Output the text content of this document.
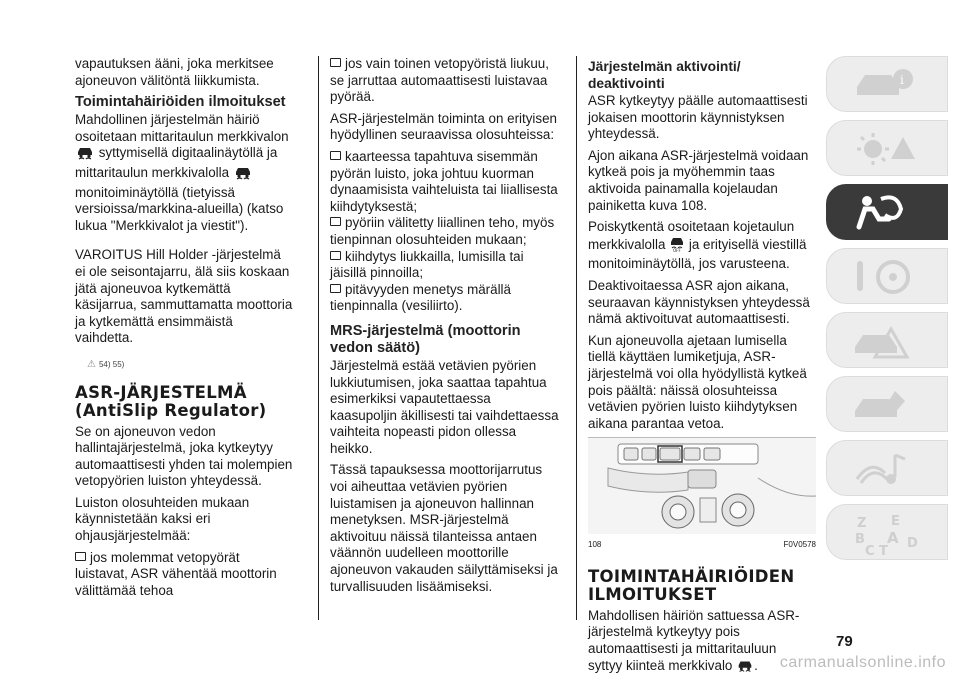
vapautuksen ääni, joka merkitsee ajoneuvon välitöntä liikkumista.

Toimintahäiriöiden ilmoitukset

Mahdollinen järjestelmän häiriö osoitetaan mittaritaulun merkkivalon  syttymisellä digitaalinäytöllä ja mittaritaulun merkkivalolla  monitoiminäytöllä (tietyissä versioissa/markkina-alueilla) (katso lukua "Merkkivalot ja viestit").

VAROITUS Hill Holder -järjestelmä ei ole seisontajarru, älä siis koskaan jätä ajoneuvoa kytkemättä käsijarrua, sammuttamatta moottoria ja kytkemättä ensimmäistä vaihdetta.

⚠ 54) 55)
ASR-JÄRJESTELMÄ
(AntiSlip Regulator)

Se on ajoneuvon vedon hallintajärjestelmä, joka kytkeytyy automaattisesti yhden tai molempien vetopyörien luiston yhteydessä.

Luiston olosuhteiden mukaan käynnistetään kaksi eri ohjausjärjestelmää:

jos molemmat vetopyörät luistavat, ASR vähentää moottorin välittämää tehoa

jos vain toinen vetopyöristä liukuu, se jarruttaa automaattisesti luistavaa pyörää.

ASR-järjestelmän toiminta on erityisen hyödyllinen seuraavissa olosuhteissa:

kaarteessa tapahtuva sisemmän pyörän luisto, joka johtuu kuorman dynaamisista vaihteluista tai liiallisesta kiihdytyksestä;

pyöriin välitetty liiallinen teho, myös tienpinnan olosuhteiden mukaan;

kiihdytys liukkailla, lumisilla tai jäisillä pinnoilla;

pitävyyden menetys märällä tienpinnalla (vesiliirto).

MRS-järjestelmä (moottorin vedon säätö)

Järjestelmä estää vetävien pyörien lukkiutumisen, joka saattaa tapahtua esimerkiksi vapautettaessa kaasupoljin äkillisesti tai vaihdettaessa vaihteita nopeasti pidon ollessa heikko.

Tässä tapauksessa moottorijarrutus voi aiheuttaa vetävien pyörien luistamisen ja ajoneuvon hallinnan menetyksen. MSR-järjestelmä aktivoituu näissä tilanteissa antaen väännön uudelleen moottorille ajoneuvon vakauden säilyttämiseksi ja turvallisuuden lisäämiseksi.

Järjestelmän aktivointi/ deaktivointi

ASR kytkeytyy päälle automaattisesti jokaisen moottorin käynnistyksen yhteydessä.

Ajon aikana ASR-järjestelmä voidaan kytkeä pois ja myöhemmin taas aktivoida painamalla kojelaudan painiketta kuva 108.

Poiskytkentä osoitetaan kojetaulun merkkivalolla OFF ja erityisellä viestillä monitoiminäytöllä, jos varusteena.

Deaktivoitaessa ASR ajon aikana, seuraavan käynnistyksen yhteydessä nämä aktivoituvat automaattisesti.

Kun ajoneuvolla ajetaan lumisella tiellä käyttäen lumiketjuja, ASR-järjestelmä voi olla hyödyllistä kytkeä pois päältä: näissä olosuhteissa vetävien pyörien luisto kiihdytyksen aikana parantaa vetoa.

108	F0V0578
TOIMINTAHÄIRIÖIDEN
ILMOITUKSET

Mahdollisen häiriön sattuessa ASR-järjestelmä kytkeytyy pois automaattisesti ja mittaritauluun
syttyy kiinteä merkkivalo .

i
Z E
B A
C T
D
79
carmanualsonline.info
